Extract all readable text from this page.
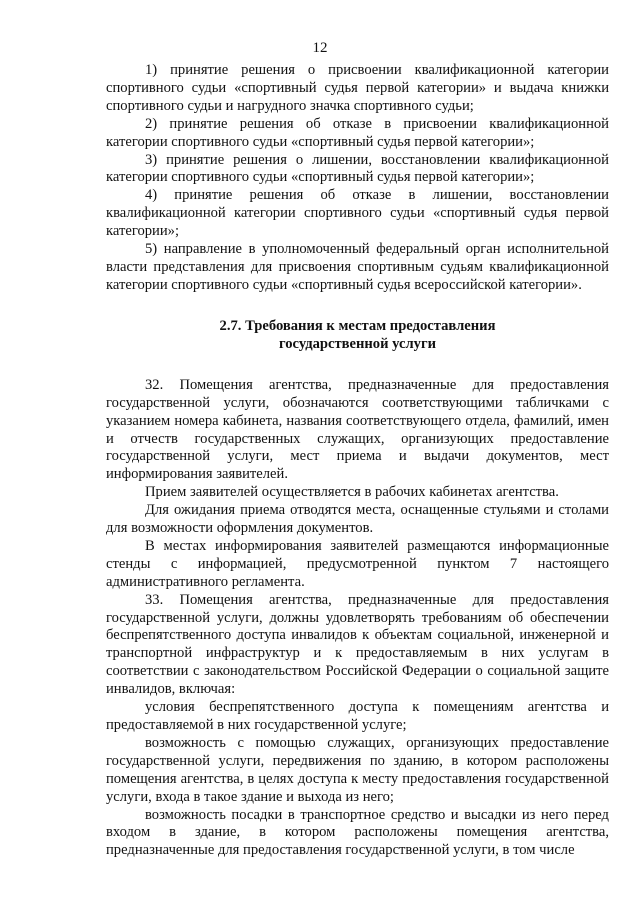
12

1) принятие решения о присвоении квалификационной категории спортивного судьи «спортивный судья первой категории» и выдача книжки спортивного судьи и нагрудного значка спортивного судьи;

2) принятие решения об отказе в присвоении квалификационной категории спортивного судьи «спортивный судья первой категории»;

3) принятие решения о лишении, восстановлении квалификационной категории спортивного судьи «спортивный судья первой категории»;

4) принятие решения об отказе в лишении, восстановлении квалификационной категории спортивного судьи «спортивный судья первой категории»;

5) направление в уполномоченный федеральный орган исполнительной власти представления для присвоения спортивным судьям квалификационной категории спортивного судьи «спортивный судья всероссийской категории».

2.7. Требования к местам предоставления

государственной услуги

32. Помещения агентства, предназначенные для предоставления государственной услуги, обозначаются соответствующими табличками с указанием номера кабинета, названия соответствующего отдела, фамилий, имен и отчеств государственных служащих, организующих предоставление государственной услуги, мест приема и выдачи документов, мест информирования заявителей.

Прием заявителей осуществляется в рабочих кабинетах агентства.

Для ожидания приема отводятся места, оснащенные стульями и столами для возможности оформления документов.

В местах информирования заявителей размещаются информационные стенды с информацией, предусмотренной пунктом 7 настоящего административного регламента.

33. Помещения агентства, предназначенные для предоставления государственной услуги, должны удовлетворять требованиям об обеспечении беспрепятственного доступа инвалидов к объектам социальной, инженерной и транспортной инфраструктур и к предоставляемым в них услугам в соответствии с законодательством Российской Федерации о социальной защите инвалидов, включая:

условия беспрепятственного доступа к помещениям агентства и предоставляемой в них государственной услуге;

возможность с помощью служащих, организующих предоставление государственной услуги, передвижения по зданию, в котором расположены помещения агентства, в целях доступа к месту предоставления государственной услуги, входа в такое здание и выхода из него;

возможность посадки в транспортное средство и высадки из него перед входом в здание, в котором расположены помещения агентства, предназначенные для предоставления государственной услуги, в том числе
